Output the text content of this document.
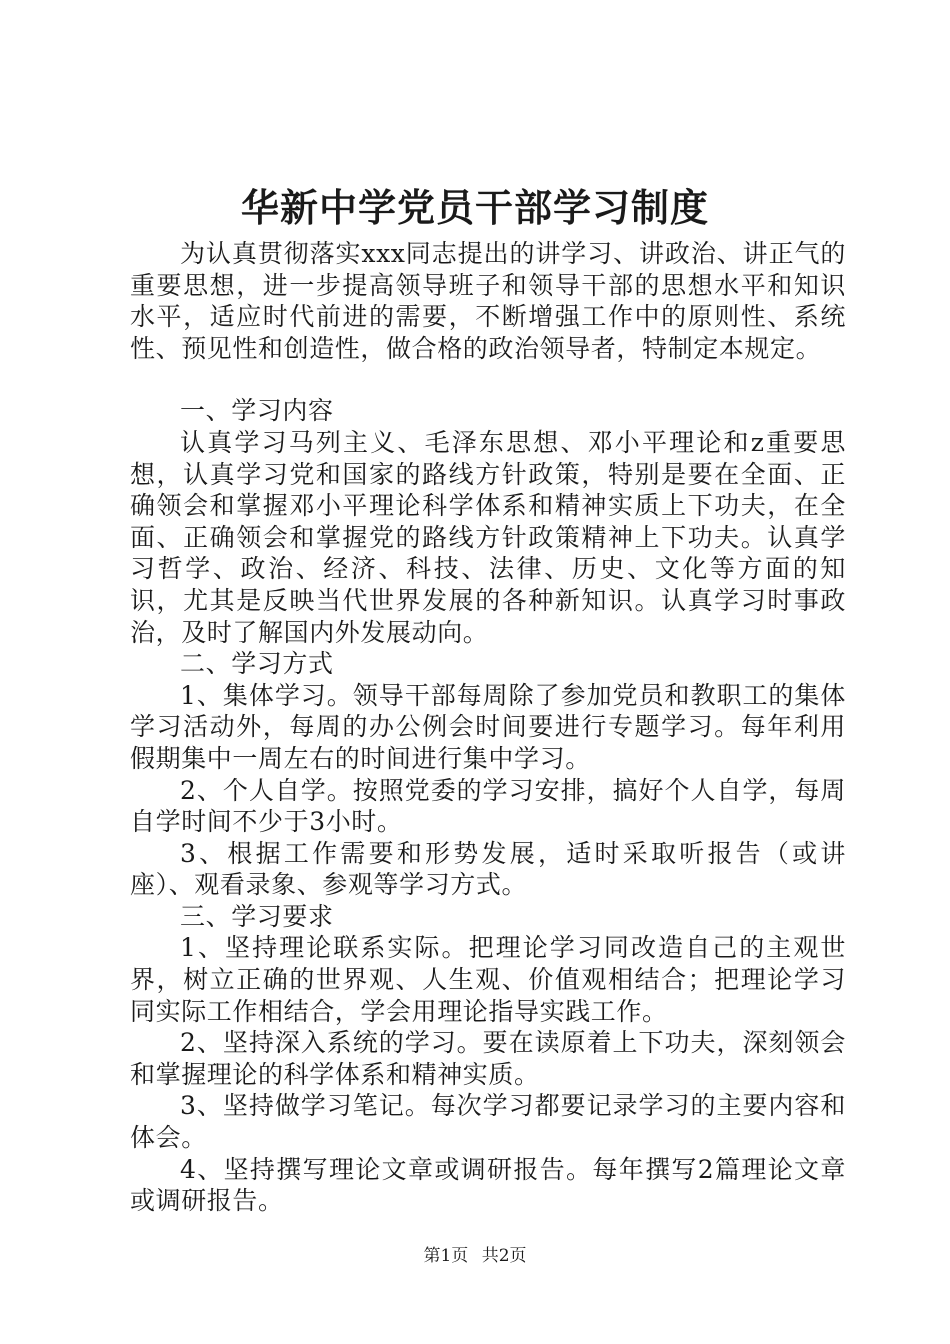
华新中学党员干部学习制度

为认真贯彻落实xxx同志提出的讲学习、讲政治、讲正气的重要思想，进一步提高领导班子和领导干部的思想水平和知识水平，适应时代前进的需要，不断增强工作中的原则性、系统性、预见性和创造性，做合格的政治领导者，特制定本规定。

一、学习内容

认真学习马列主义、毛泽东思想、邓小平理论和z重要思想，认真学习党和国家的路线方针政策，特别是要在全面、正确领会和掌握邓小平理论科学体系和精神实质上下功夫，在全面、正确领会和掌握党的路线方针政策精神上下功夫。认真学习哲学、政治、经济、科技、法律、历史、文化等方面的知识，尤其是反映当代世界发展的各种新知识。认真学习时事政治，及时了解国内外发展动向。

二、学习方式

1、集体学习。领导干部每周除了参加党员和教职工的集体学习活动外，每周的办公例会时间要进行专题学习。每年利用假期集中一周左右的时间进行集中学习。

2、个人自学。按照党委的学习安排，搞好个人自学，每周自学时间不少于3小时。

3、根据工作需要和形势发展，适时采取听报告（或讲座）、观看录象、参观等学习方式。

三、学习要求

1、坚持理论联系实际。把理论学习同改造自己的主观世界，树立正确的世界观、人生观、价值观相结合；把理论学习同实际工作相结合，学会用理论指导实践工作。

2、坚持深入系统的学习。要在读原着上下功夫，深刻领会和掌握理论的科学体系和精神实质。

3、坚持做学习笔记。每次学习都要记录学习的主要内容和体会。

4、坚持撰写理论文章或调研报告。每年撰写2篇理论文章或调研报告。

第1页 共2页
